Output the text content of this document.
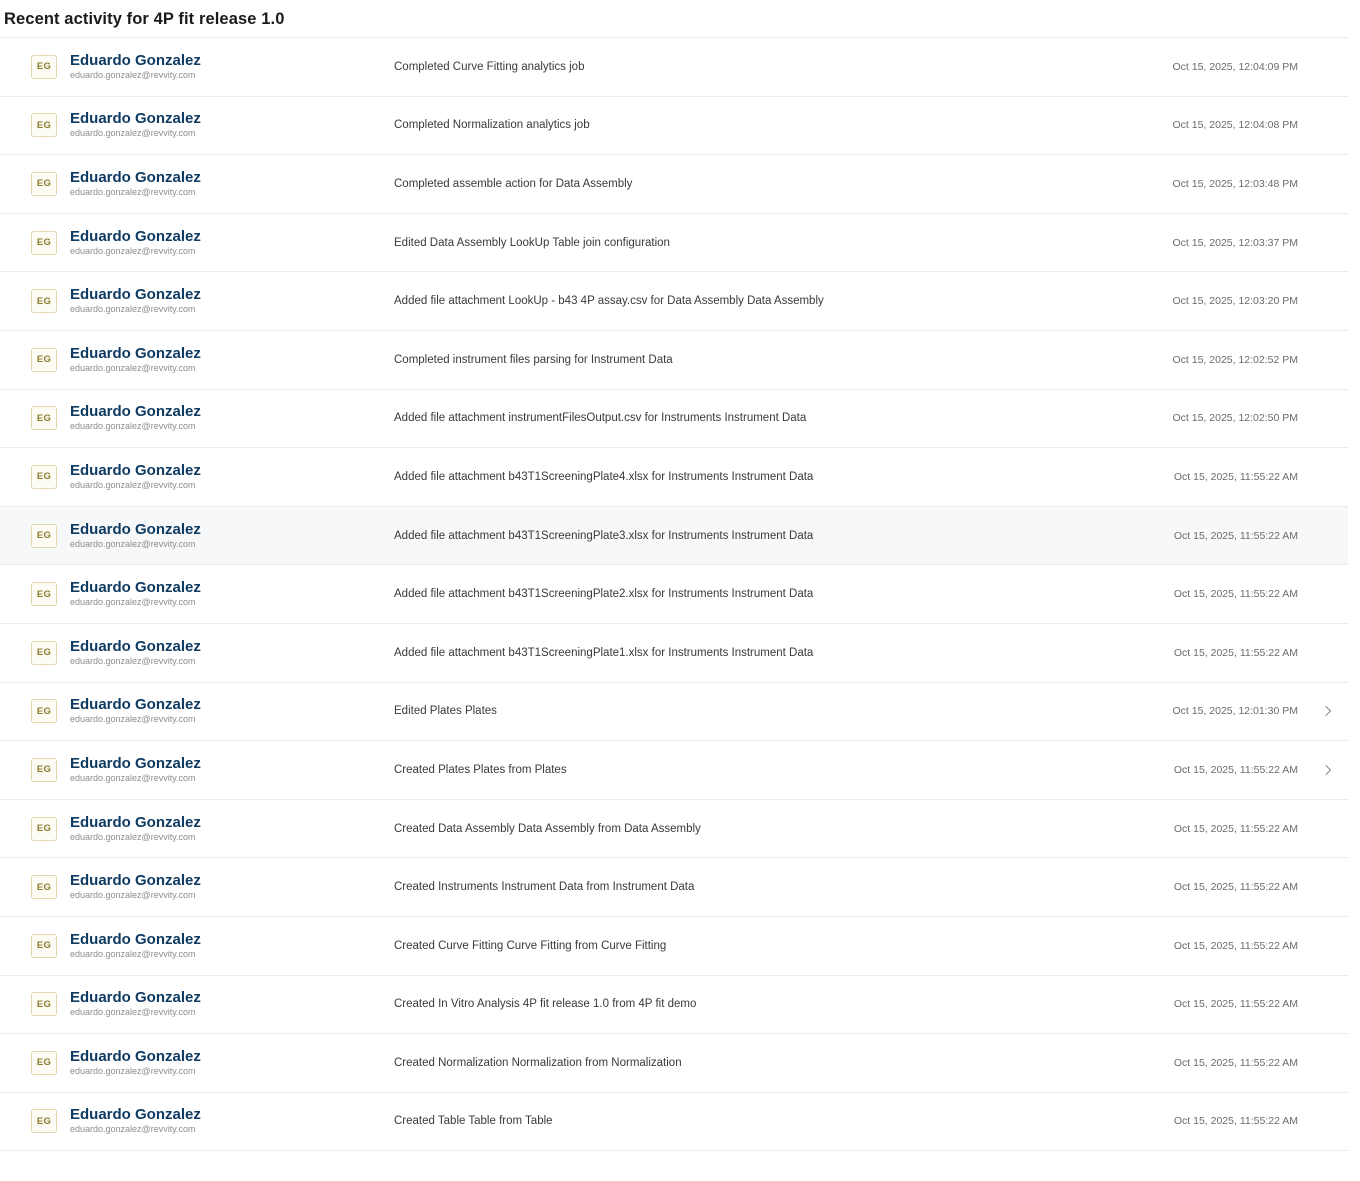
Recent activity for 4P fit release 1.0
EG	Eduardo Gonzalez
eduardo.gonzalez@revvity.com
Completed Curve Fitting analytics job	Oct 15, 2025, 12:04:09 PM
EG	Eduardo Gonzalez
eduardo.gonzalez@revvity.com
Completed Normalization analytics job	Oct 15, 2025, 12:04:08 PM
EG	Eduardo Gonzalez
eduardo.gonzalez@revvity.com
Completed assemble action for Data Assembly	Oct 15, 2025, 12:03:48 PM
EG	Eduardo Gonzalez
eduardo.gonzalez@revvity.com
Edited Data Assembly LookUp Table join configuration	Oct 15, 2025, 12:03:37 PM
EG	Eduardo Gonzalez
eduardo.gonzalez@revvity.com
Added file attachment LookUp - b43 4P assay.csv for Data Assembly Data Assembly	Oct 15, 2025, 12:03:20 PM
EG	Eduardo Gonzalez
eduardo.gonzalez@revvity.com
Completed instrument files parsing for Instrument Data	Oct 15, 2025, 12:02:52 PM
EG	Eduardo Gonzalez
eduardo.gonzalez@revvity.com
Added file attachment instrumentFilesOutput.csv for Instruments Instrument Data	Oct 15, 2025, 12:02:50 PM
EG	Eduardo Gonzalez
eduardo.gonzalez@revvity.com
Added file attachment b43T1ScreeningPlate4.xlsx for Instruments Instrument Data	Oct 15, 2025, 11:55:22 AM
EG	Eduardo Gonzalez
eduardo.gonzalez@revvity.com
Added file attachment b43T1ScreeningPlate3.xlsx for Instruments Instrument Data	Oct 15, 2025, 11:55:22 AM
EG	Eduardo Gonzalez
eduardo.gonzalez@revvity.com
Added file attachment b43T1ScreeningPlate2.xlsx for Instruments Instrument Data	Oct 15, 2025, 11:55:22 AM
EG	Eduardo Gonzalez
eduardo.gonzalez@revvity.com
Added file attachment b43T1ScreeningPlate1.xlsx for Instruments Instrument Data	Oct 15, 2025, 11:55:22 AM
EG	Eduardo Gonzalez
eduardo.gonzalez@revvity.com
Edited Plates Plates	Oct 15, 2025, 12:01:30 PM
EG	Eduardo Gonzalez
eduardo.gonzalez@revvity.com
Created Plates Plates from Plates	Oct 15, 2025, 11:55:22 AM
EG	Eduardo Gonzalez
eduardo.gonzalez@revvity.com
Created Data Assembly Data Assembly from Data Assembly	Oct 15, 2025, 11:55:22 AM
EG	Eduardo Gonzalez
eduardo.gonzalez@revvity.com
Created Instruments Instrument Data from Instrument Data	Oct 15, 2025, 11:55:22 AM
EG	Eduardo Gonzalez
eduardo.gonzalez@revvity.com
Created Curve Fitting Curve Fitting from Curve Fitting	Oct 15, 2025, 11:55:22 AM
EG	Eduardo Gonzalez
eduardo.gonzalez@revvity.com
Created In Vitro Analysis 4P fit release 1.0 from 4P fit demo	Oct 15, 2025, 11:55:22 AM
EG	Eduardo Gonzalez
eduardo.gonzalez@revvity.com
Created Normalization Normalization from Normalization	Oct 15, 2025, 11:55:22 AM
EG	Eduardo Gonzalez
eduardo.gonzalez@revvity.com
Created Table Table from Table	Oct 15, 2025, 11:55:22 AM
